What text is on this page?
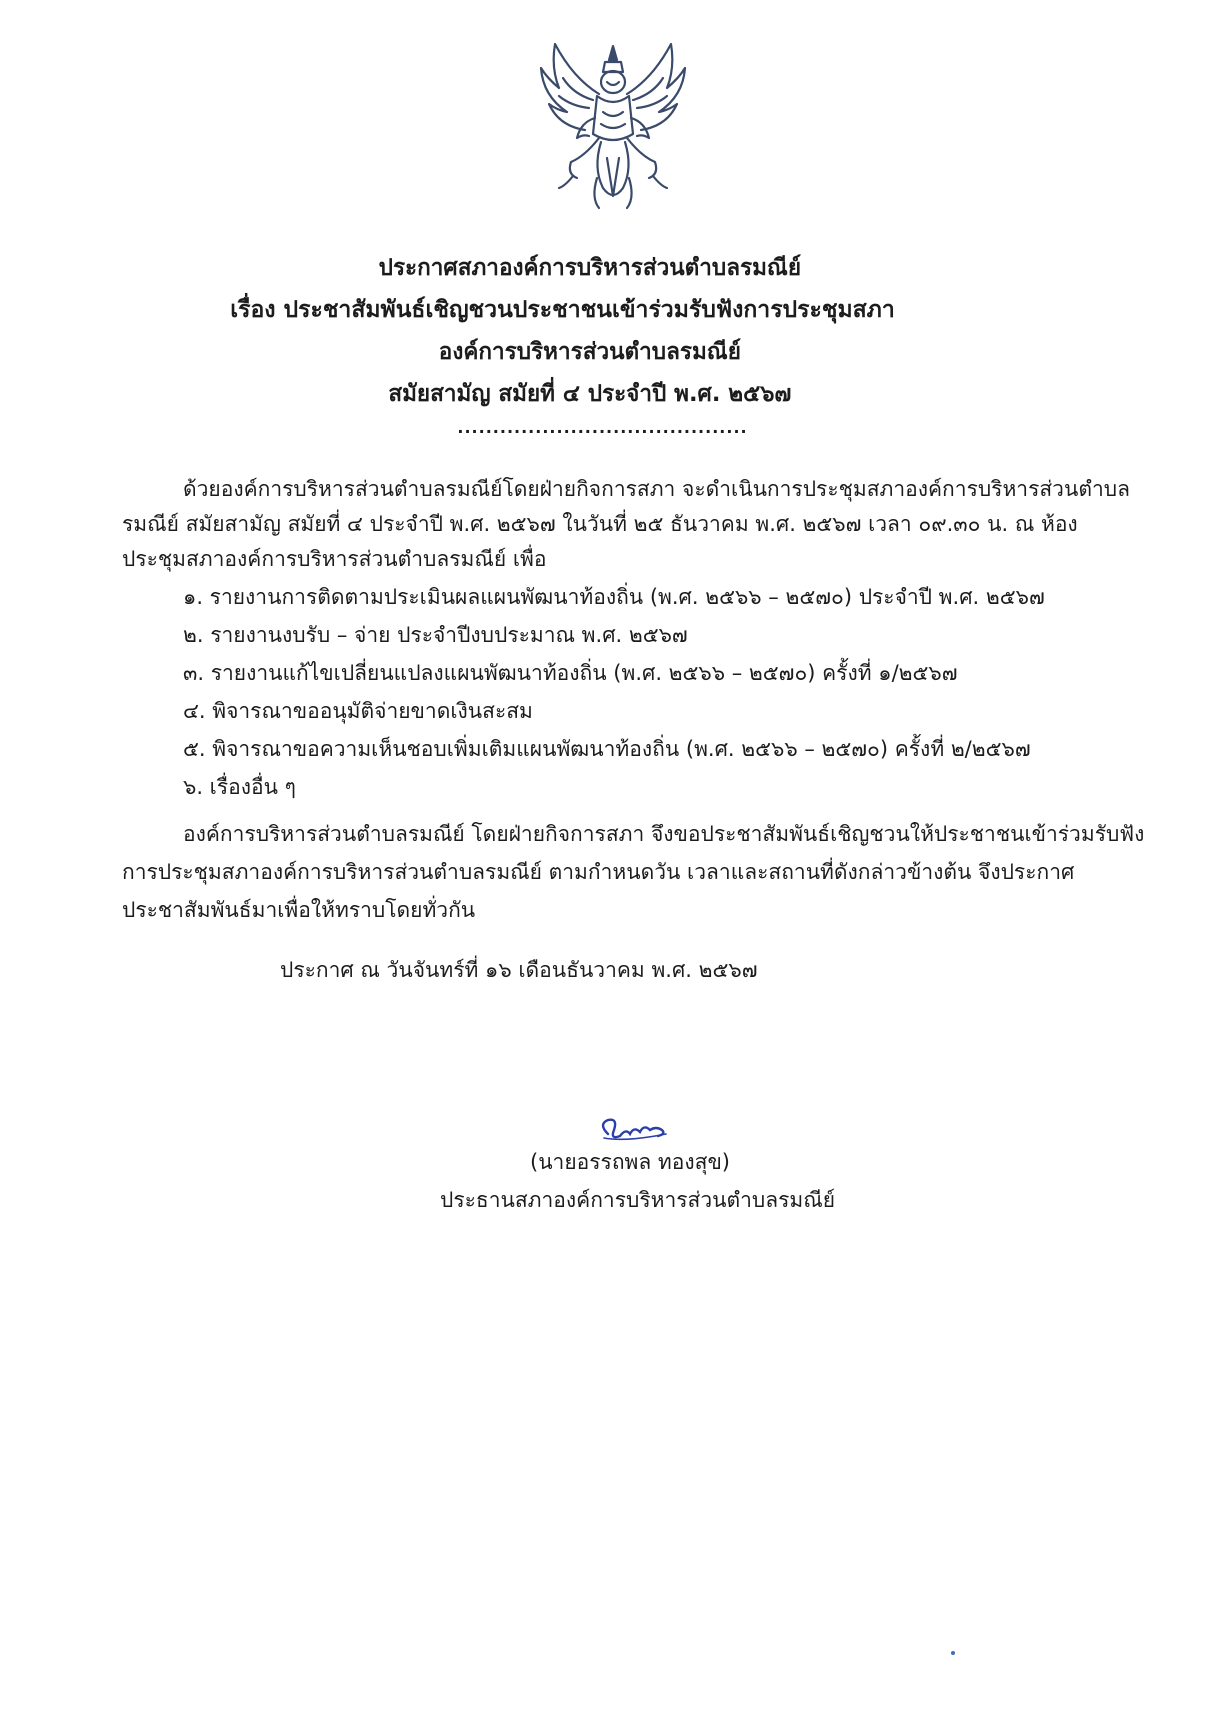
ประกาศสภาองค์การบริหารส่วนตำบลรมณีย์
เรื่อง ประชาสัมพันธ์เชิญชวนประชาชนเข้าร่วมรับฟังการประชุมสภา
องค์การบริหารส่วนตำบลรมณีย์
สมัยสามัญ สมัยที่ ๔ ประจำปี พ.ศ. ๒๕๖๗
.........................................
ด้วยองค์การบริหารส่วนตำบลรมณีย์โดยฝ่ายกิจการสภา จะดำเนินการประชุมสภาองค์การบริหารส่วนตำบล
รมณีย์ สมัยสามัญ สมัยที่ ๔ ประจำปี พ.ศ. ๒๕๖๗ ในวันที่ ๒๕ ธันวาคม พ.ศ. ๒๕๖๗ เวลา ๐๙.๓๐ น. ณ ห้อง
ประชุมสภาองค์การบริหารส่วนตำบลรมณีย์ เพื่อ
๑. รายงานการติดตามประเมินผลแผนพัฒนาท้องถิ่น (พ.ศ. ๒๕๖๖ – ๒๕๗๐) ประจำปี พ.ศ. ๒๕๖๗
๒. รายงานงบรับ – จ่าย ประจำปีงบประมาณ พ.ศ. ๒๕๖๗
๓. รายงานแก้ไขเปลี่ยนแปลงแผนพัฒนาท้องถิ่น (พ.ศ. ๒๕๖๖ – ๒๕๗๐) ครั้งที่ ๑/๒๕๖๗
๔. พิจารณาขออนุมัติจ่ายขาดเงินสะสม
๕. พิจารณาขอความเห็นชอบเพิ่มเติมแผนพัฒนาท้องถิ่น (พ.ศ. ๒๕๖๖ – ๒๕๗๐) ครั้งที่ ๒/๒๕๖๗
๖. เรื่องอื่น ๆ
องค์การบริหารส่วนตำบลรมณีย์ โดยฝ่ายกิจการสภา จึงขอประชาสัมพันธ์เชิญชวนให้ประชาชนเข้าร่วมรับฟัง
การประชุมสภาองค์การบริหารส่วนตำบลรมณีย์ ตามกำหนดวัน เวลาและสถานที่ดังกล่าวข้างต้น จึงประกาศ
ประชาสัมพันธ์มาเพื่อให้ทราบโดยทั่วกัน
ประกาศ ณ วันจันทร์ที่ ๑๖ เดือนธันวาคม พ.ศ. ๒๕๖๗
(นายอรรถพล ทองสุข)
ประธานสภาองค์การบริหารส่วนตำบลรมณีย์
